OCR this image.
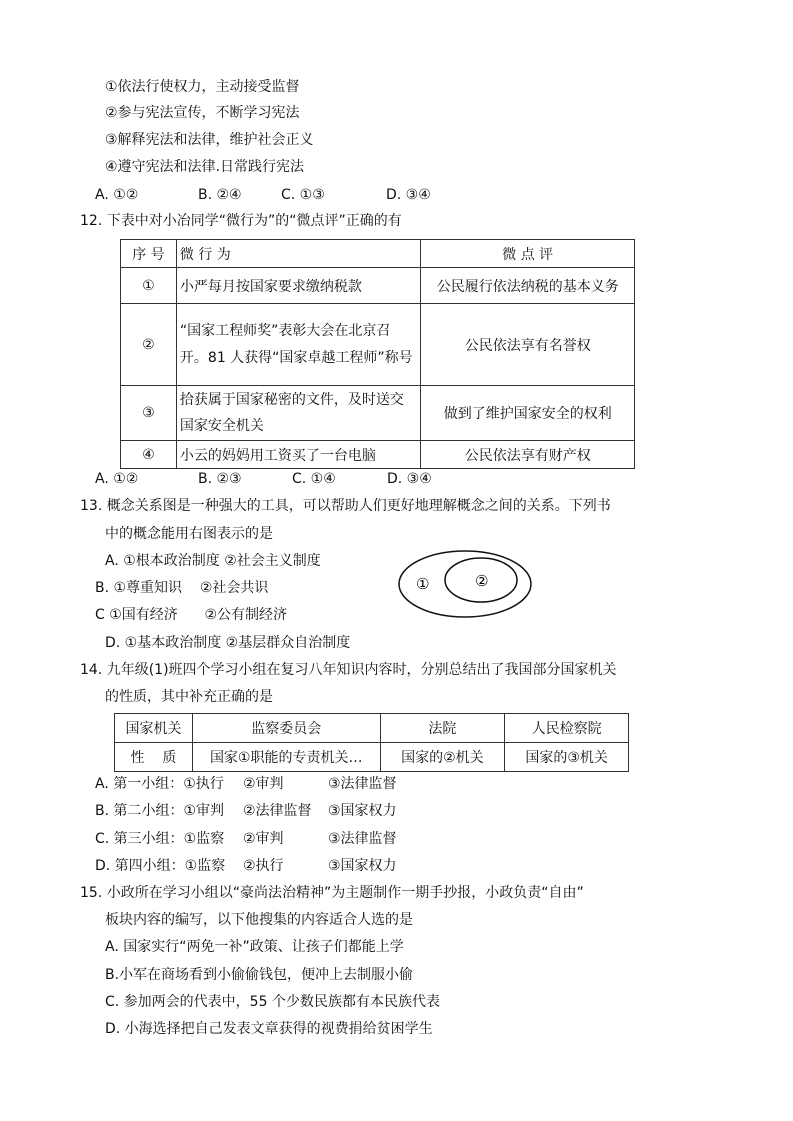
①依法行使权力，主动接受监督
②参与宪法宣传，不断学习宪法
③解释宪法和法律，维护社会正义
④遵守宪法和法律.日常践行宪法
A. ①②	B. ②④	C. ①③	D. ③④
12. 下表中对小冶同学“微行为”的“微点评”正确的有
序 号	微 行 为	微 点 评
①	小严每月按国家要求缴纳税款	公民履行依法纳税的基本义务
②	“国家工程师奖”表彰大会在北京召开。81 人获得“国家卓越工程师”称号	公民依法享有名誉权
③	拾获属于国家秘密的文件，及时送交国家安全机关	做到了维护国家安全的权利
④	小云的妈妈用工资买了一台电脑	公民依法享有财产权
A. ①②	B. ②③	C. ①④	D. ③④
13. 概念关系图是一种强大的工具，可以帮助人们更好地理解概念之间的关系。下列书
中的概念能用右图表示的是
A. ①根本政治制度 ②社会主义制度
B. ①尊重知识    ②社会共识
C ①国有经济      ②公有制经济
D. ①基本政治制度 ②基层群众自治制度
①	②
14. 九年级(1)班四个学习小组在复习八年知识内容时，分别总结出了我国部分国家机关
的性质，其中补充正确的是
国家机关	监察委员会	法院	人民检察院
性    质	国家①职能的专责机关…	国家的②机关	国家的③机关
A. 第一小组：①执行 ②审判	③法律监督
B. 第二小组：①审判 ②法律监督 ③国家权力
C. 第三小组：①监察 ②审判	③法律监督
D. 第四小组：①监察 ②执行	③国家权力
15. 小政所在学习小组以“豪尚法治精神”为主题制作一期手抄报，小政负责“自由”
板块内容的编写，以下他搜集的内容适合人选的是
A. 国家实行“两免一补”政策、让孩子们都能上学
B.小军在商场看到小偷偷钱包，便冲上去制服小偷
C. 参加两会的代表中，55 个少数民族都有本民族代表
D. 小海选择把自己发表文章获得的视费捐给贫困学生
